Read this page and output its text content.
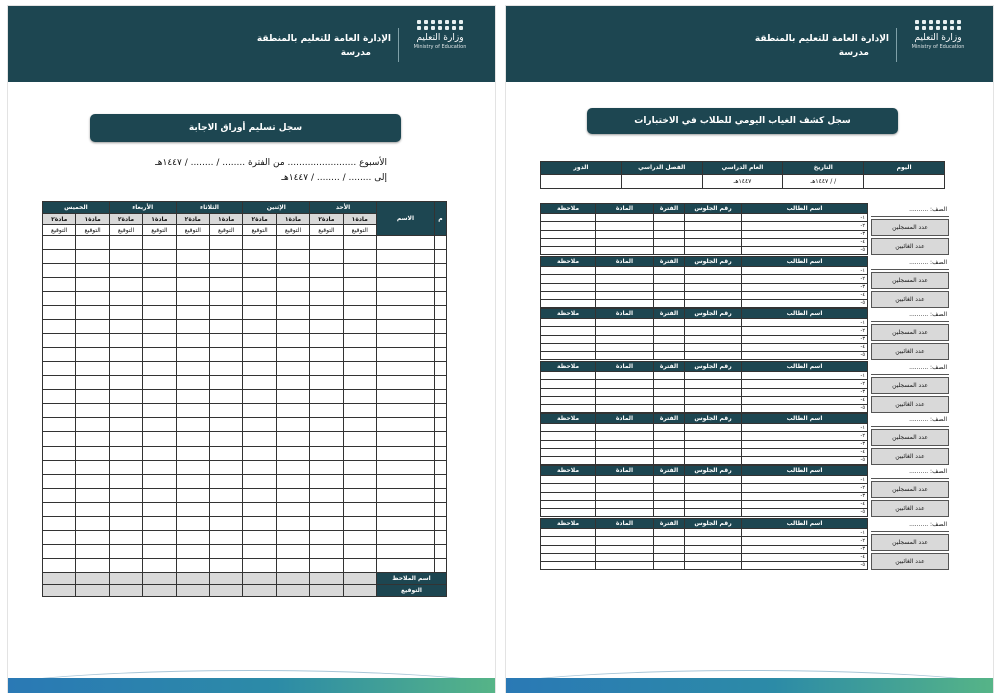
وزارة التعليم
Ministry of Education
الإدارة العامة للتعليم بالمنطقة
مدرسة
سجل تسليم أوراق الاجابة
الأسبوع ........................ من الفترة ........ / ........ / ١٤٤٧هـ
إلى ........ / ........ / ١٤٤٧هـ
م	الاسم	الأحد		الإثنين		الثلاثاء		الأربعاء		الخميس	
		مادة١	مادة٢	مادة١	مادة٢	مادة١	مادة٢	مادة١	مادة٢	مادة١	مادة٢
		التوقيع	التوقيع	التوقيع	التوقيع	التوقيع	التوقيع	التوقيع	التوقيع	التوقيع	التوقيع

اسم الملاحظ											
التوقيع											
وزارة التعليم
Ministry of Education
الإدارة العامة للتعليم بالمنطقة
مدرسة
سجل كشف الغياب اليومي للطلاب في الاختبارات
اليوم	التاريخ	العام الدراسي	الفصل الدراسي	الدور
	/ / ١٤٤٧هـ	١٤٤٧هـ		
الصف: ..........
عدد المسجلين
عدد الغائبين
اسم الطالب	رقم الجلوس	الفترة	المادة	ملاحظة
١-				
٢-				
٣-				
٤-				
٥-				
الصف: ..........
عدد المسجلين
عدد الغائبين
اسم الطالب	رقم الجلوس	الفترة	المادة	ملاحظة
١-				
٢-				
٣-				
٤-				
٥-				
الصف: ..........
عدد المسجلين
عدد الغائبين
اسم الطالب	رقم الجلوس	الفترة	المادة	ملاحظة
١-				
٢-				
٣-				
٤-				
٥-				
الصف: ..........
عدد المسجلين
عدد الغائبين
اسم الطالب	رقم الجلوس	الفترة	المادة	ملاحظة
١-				
٢-				
٣-				
٤-				
٥-				
الصف: ..........
عدد المسجلين
عدد الغائبين
اسم الطالب	رقم الجلوس	الفترة	المادة	ملاحظة
١-				
٢-				
٣-				
٤-				
٥-				
الصف: ..........
عدد المسجلين
عدد الغائبين
اسم الطالب	رقم الجلوس	الفترة	المادة	ملاحظة
١-				
٢-				
٣-				
٤-				
٥-				
الصف: ..........
عدد المسجلين
عدد الغائبين
اسم الطالب	رقم الجلوس	الفترة	المادة	ملاحظة
١-				
٢-				
٣-				
٤-				
٥-				
